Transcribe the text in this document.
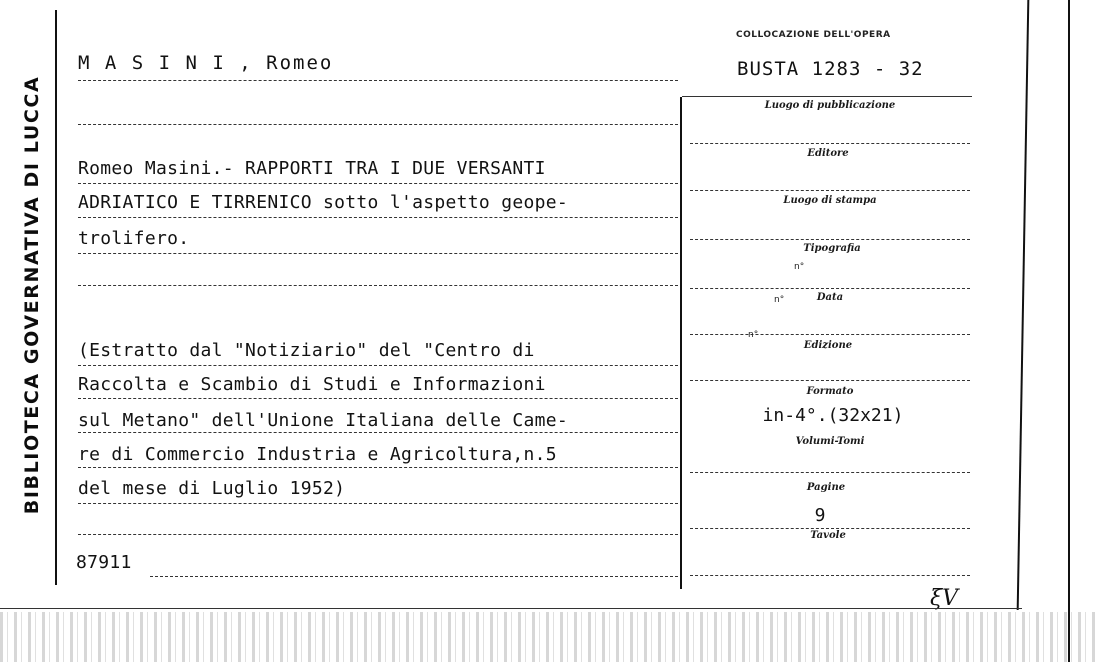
BIBLIOTECA GOVERNATIVA DI LUCCA
M A S I N I , Romeo
COLLOCAZIONE DELL'OPERA
BUSTA 1283 - 32
Romeo Masini.- RAPPORTI TRA I DUE VERSANTI
ADRIATICO E TIRRENICO sotto l'aspetto geope-
trolifero.
(Estratto dal "Notiziario" del "Centro di
Raccolta e Scambio di Studi e Informazioni
sul Metano" dell'Unione Italiana delle Came-
re di Commercio Industria e Agricoltura,n.5
del mese di Luglio 1952)
87911
Luogo di pubblicazione
Editore
Luogo di stampa
Tipografia
n°
n°	Data
n°
Edizione
Formato
in-4°.(32x21)
Volumi-Tomi
Pagine
9
Tavole
ξV
